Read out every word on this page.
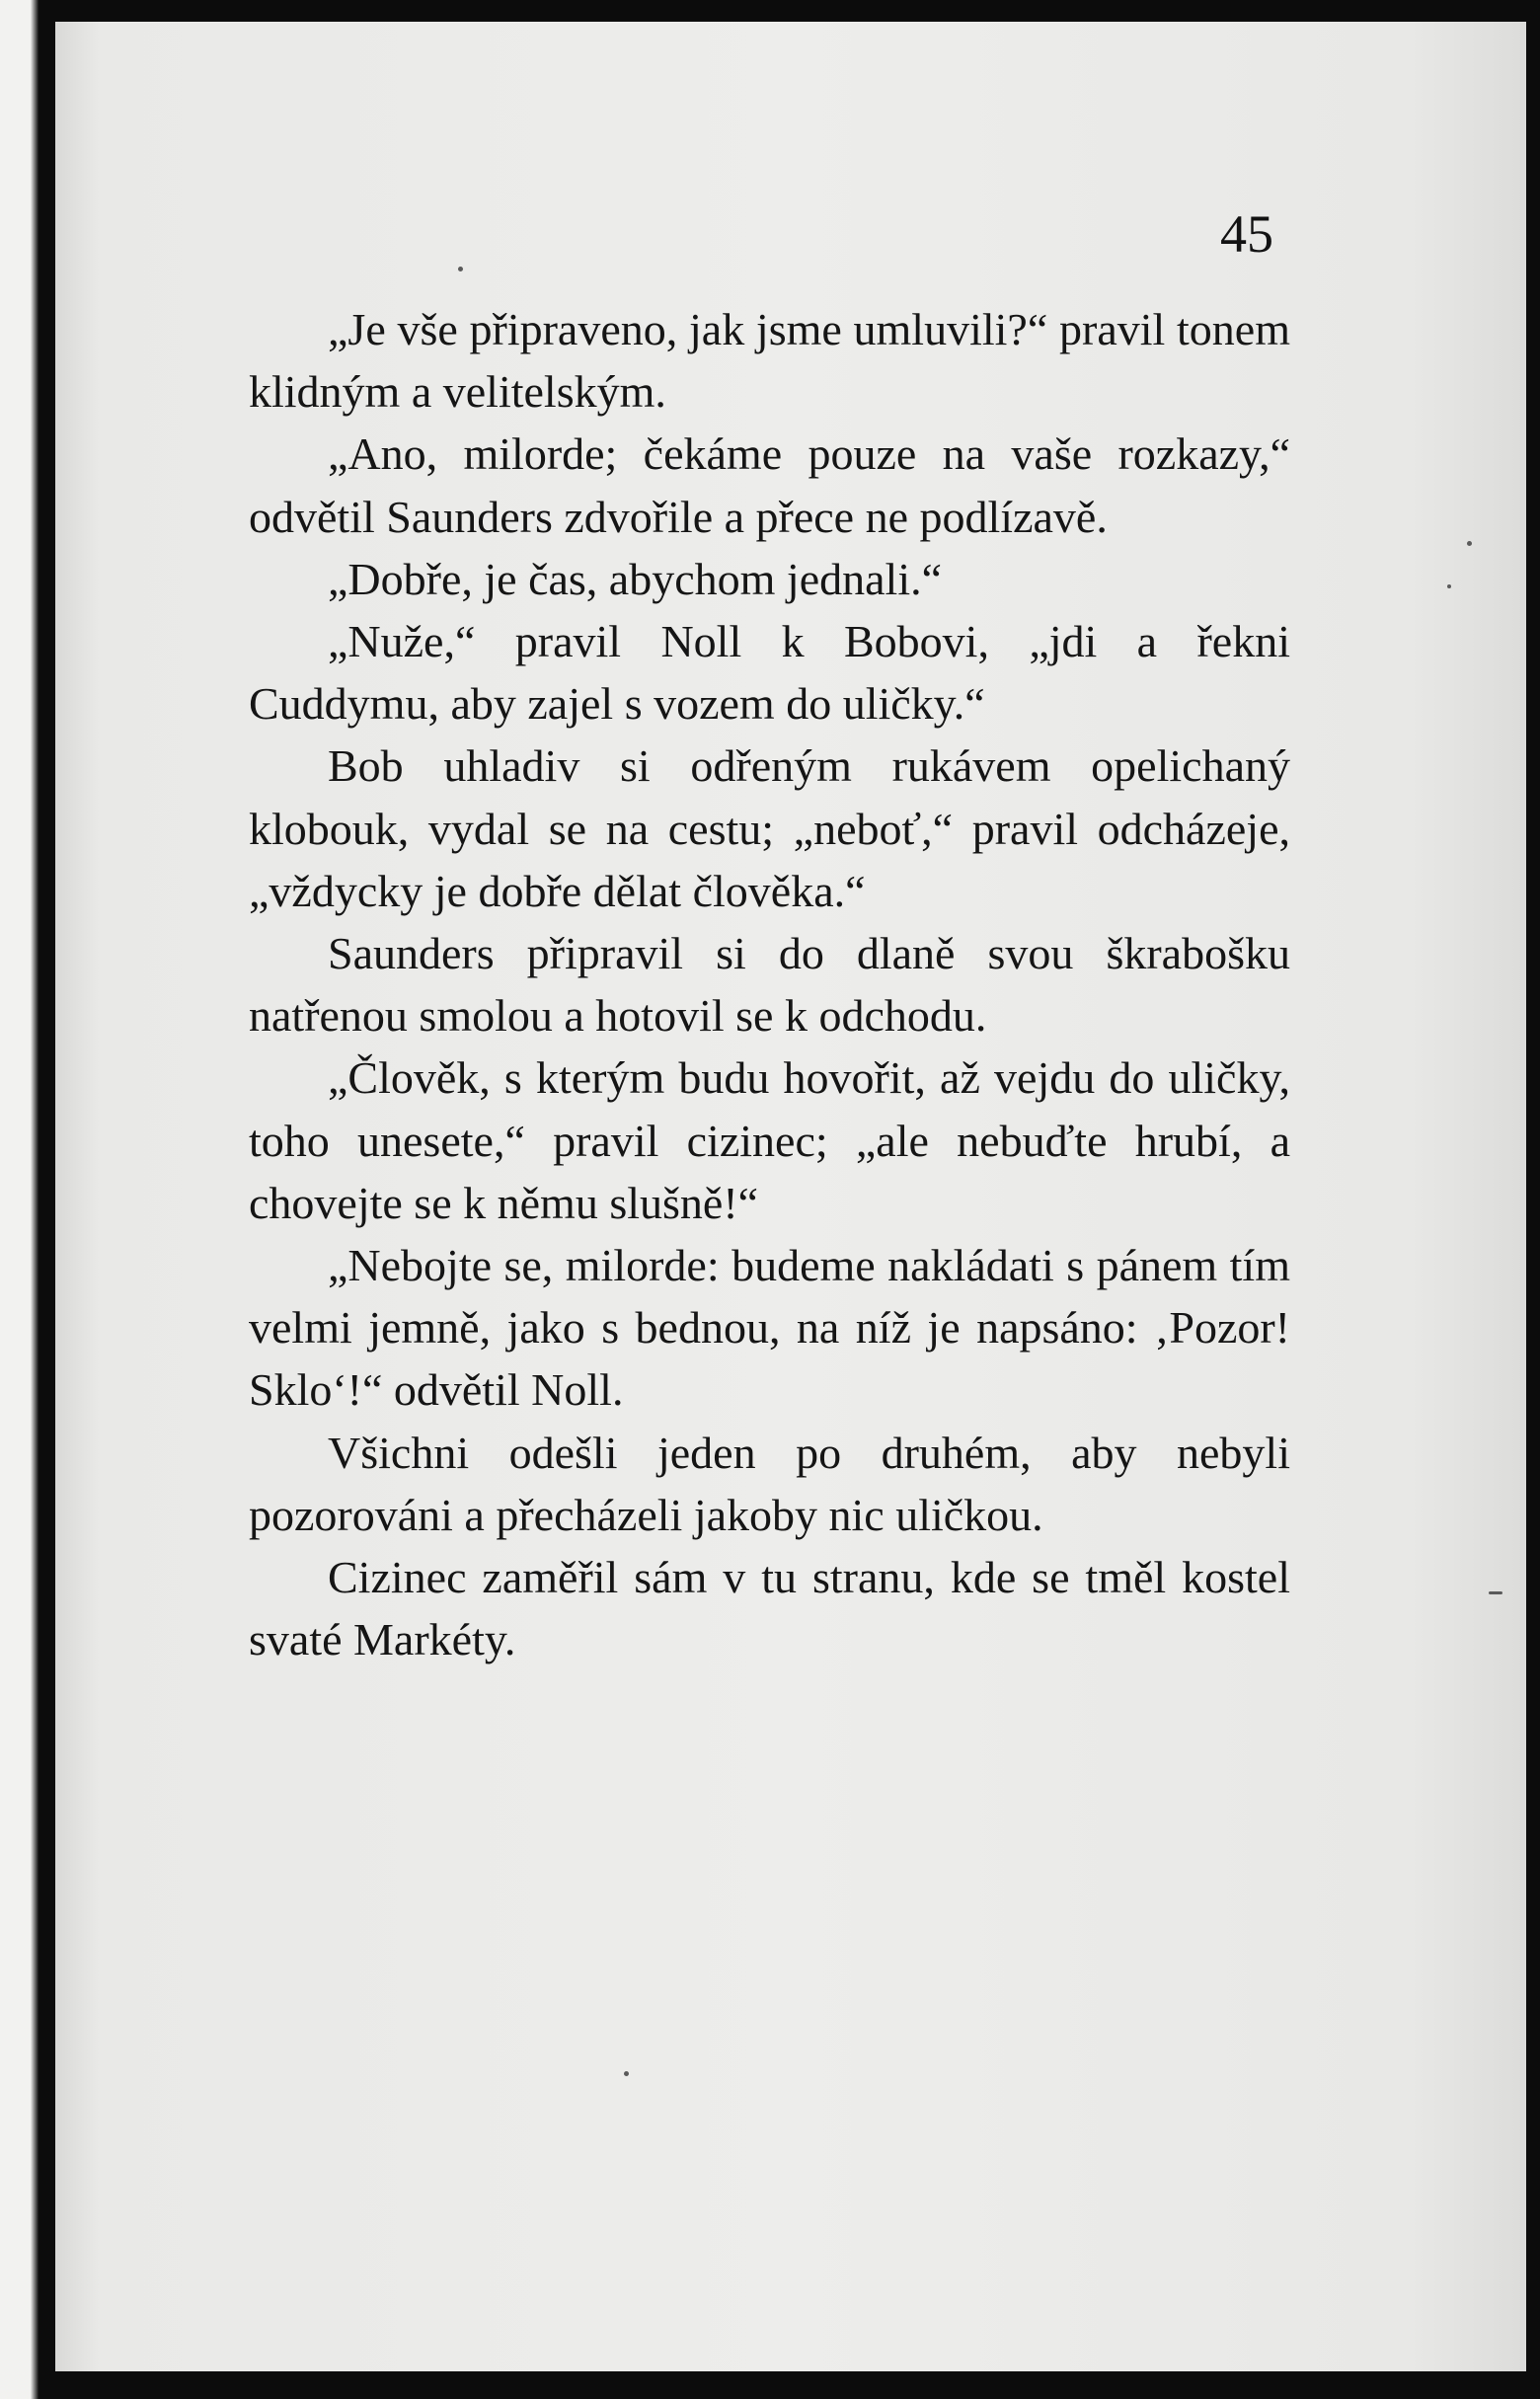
45

„Je vše připraveno, jak jsme umluvili?“ pravil tonem klidným a velitelským.

„Ano, milorde; čekáme pouze na vaše rozkazy,“ odvětil Saunders zdvořile a přece ne podlízavě.

„Dobře, je čas, abychom jednali.“

„Nuže,“ pravil Noll k Bobovi, „jdi a řekni Cuddymu, aby zajel s vozem do uličky.“

Bob uhladiv si odřeným rukávem opelichaný klobouk, vydal se na cestu; „neboť,“ pravil odcházeje, „vždycky je dobře dělat člověka.“

Saunders připravil si do dlaně svou škrabošku natřenou smolou a hotovil se k odchodu.

„Člověk, s kterým budu hovořit, až vejdu do uličky, toho unesete,“ pravil cizinec; „ale nebuďte hrubí, a chovejte se k němu slušně!“

„Nebojte se, milorde: budeme nakládati s pánem tím velmi jemně, jako s bednou, na níž je napsáno: ‚Pozor! Sklo‘!“ odvětil Noll.

Všichni odešli jeden po druhém, aby nebyli pozorováni a přecházeli jakoby nic uličkou.

Cizinec zaměřil sám v tu stranu, kde se tměl kostel svaté Markéty.
